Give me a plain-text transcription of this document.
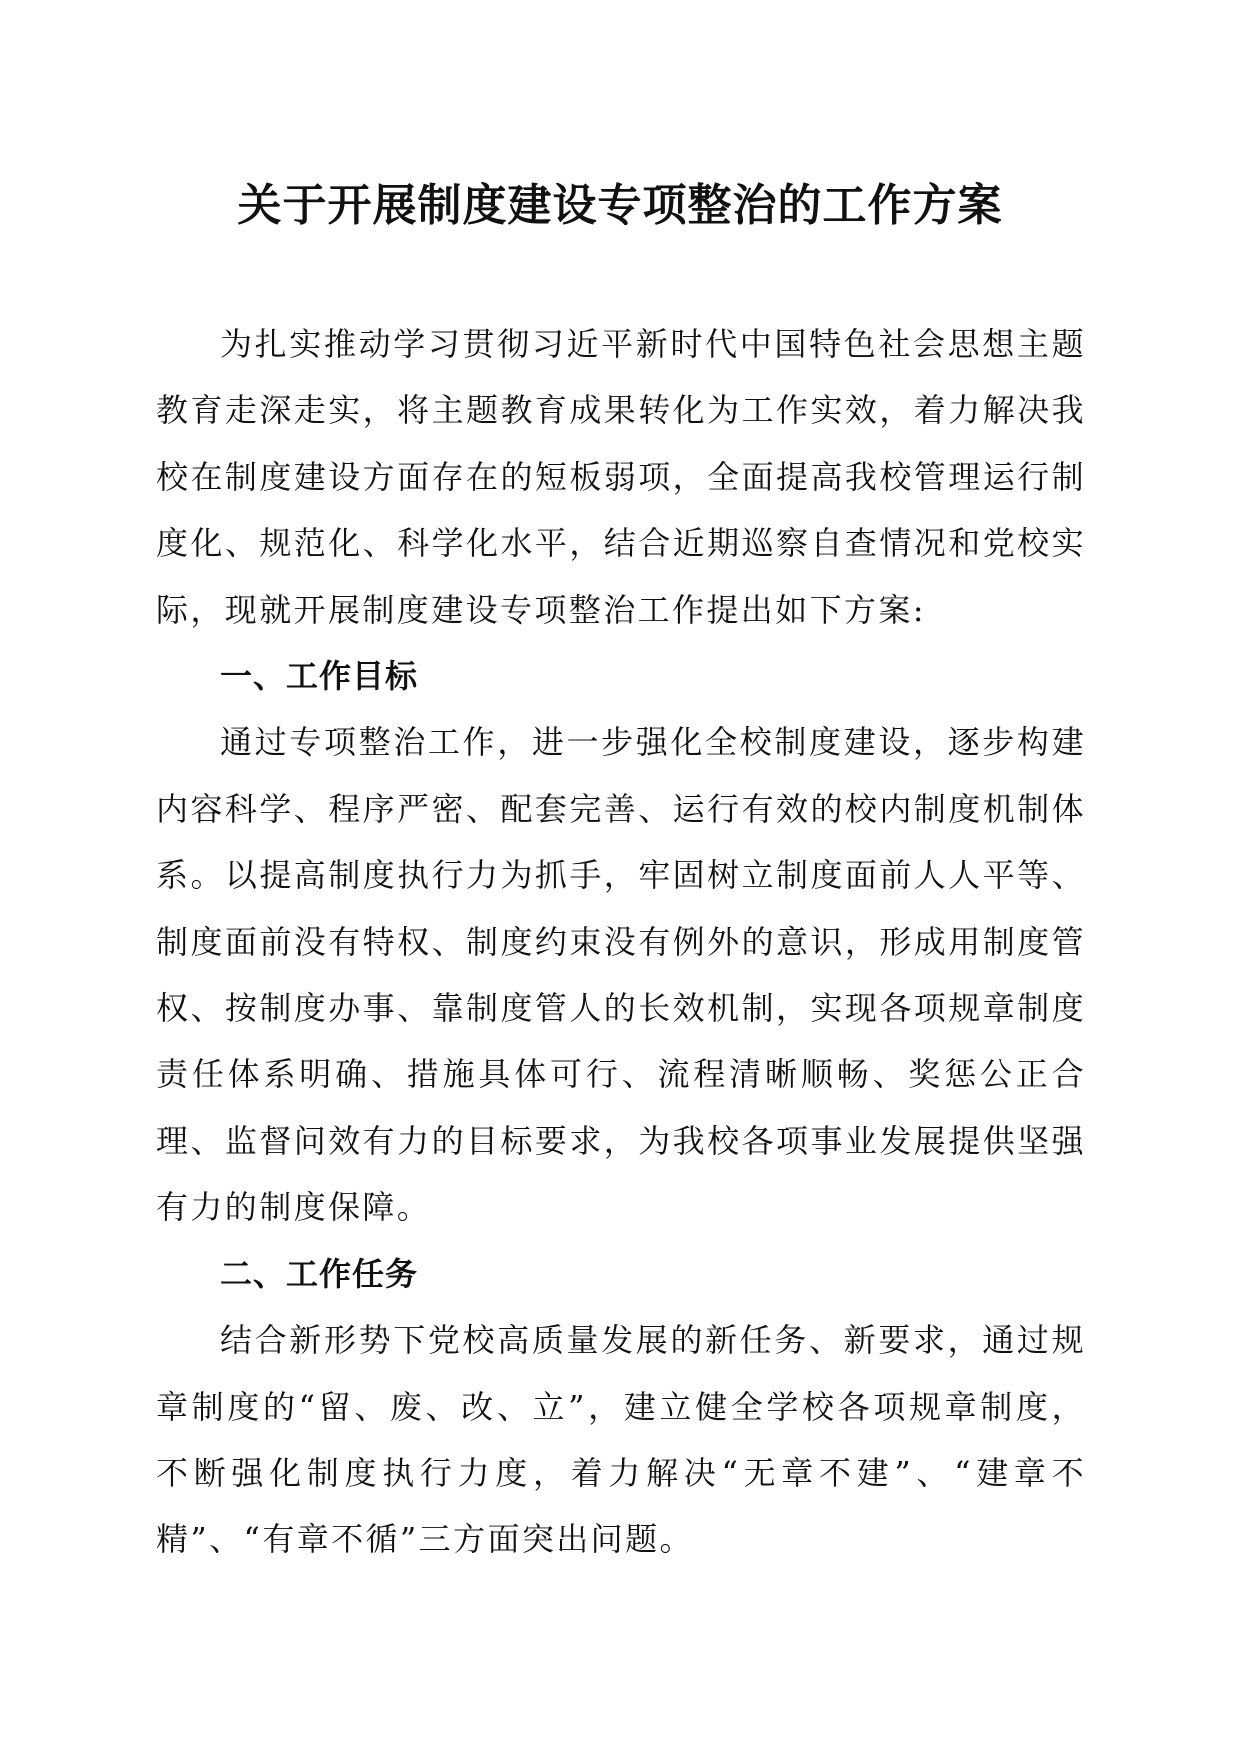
关于开展制度建设专项整治的工作方案

为扎实推动学习贯彻习近平新时代中国特色社会思想主题教育走深走实，将主题教育成果转化为工作实效，着力解决我校在制度建设方面存在的短板弱项，全面提高我校管理运行制度化、规范化、科学化水平，结合近期巡察自查情况和党校实际，现就开展制度建设专项整治工作提出如下方案:

一、工作目标

通过专项整治工作，进一步强化全校制度建设，逐步构建内容科学、程序严密、配套完善、运行有效的校内制度机制体系。以提高制度执行力为抓手，牢固树立制度面前人人平等、制度面前没有特权、制度约束没有例外的意识，形成用制度管权、按制度办事、靠制度管人的长效机制，实现各项规章制度责任体系明确、措施具体可行、流程清晰顺畅、奖惩公正合理、监督问效有力的目标要求，为我校各项事业发展提供坚强有力的制度保障。

二、工作任务

结合新形势下党校高质量发展的新任务、新要求，通过规章制度的“留、废、改、立”，建立健全学校各项规章制度，不断强化制度执行力度，着力解决“无章不建”、“建章不精”、“有章不循”三方面突出问题。
